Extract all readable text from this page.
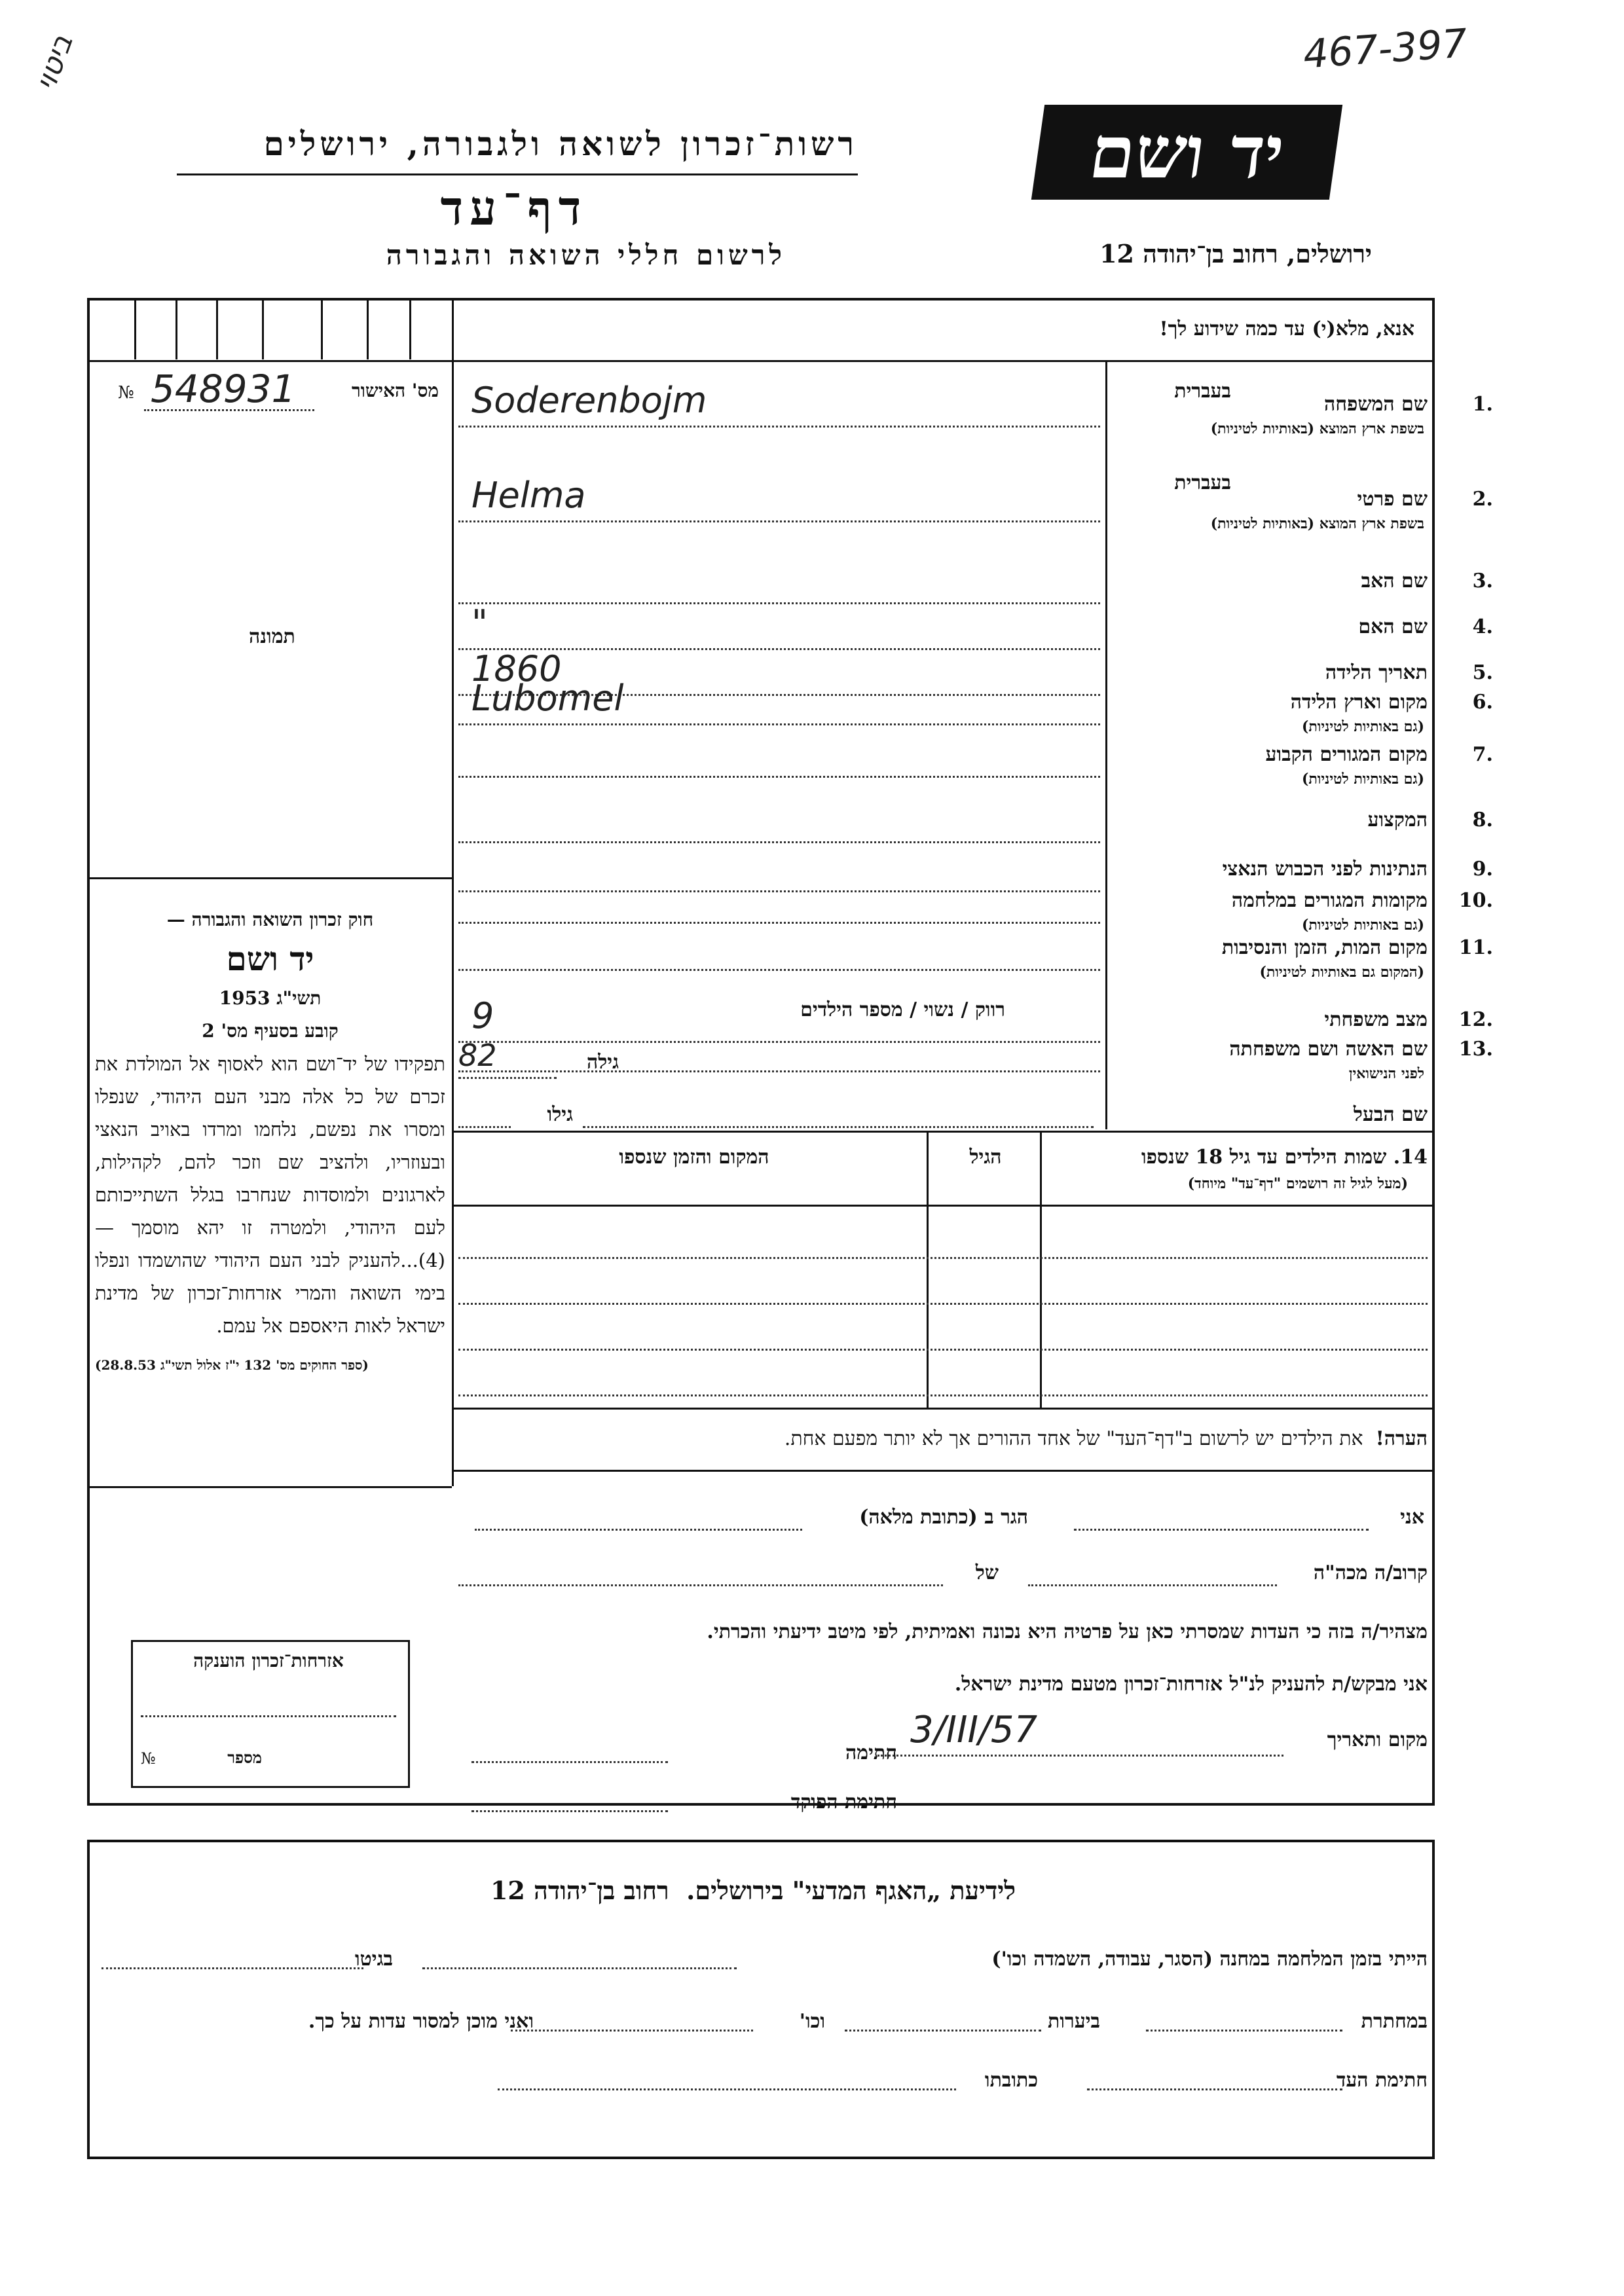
467-397
ביטוי
יד ושם
רשות־זכרון לשואה ולגבורה, ירושלים
דף־עד
לרשום חללי השואה והגבורה	ירושלים, רחוב בן־יהודה 12
אנא, מלא(י) עד כמה שידוע לך!
מס' האישור
548931
№
תמונה
בעברית
בעברית
שם המשפחה 1.
בשפת ארץ המוצא (באותיות לטיניות)
Soderenbojm
שם פרטי 2.
בשפת ארץ המוצא (באותיות לטיניות)
Helma
שם האב 3.
שם האם 4.
"
תאריך הלידה 5.
1860
מקום וארץ הלידה 6.
(גם באותיות לטיניות)
Lubomel
מקום המגורים הקבוע 7.
(גם באותיות לטיניות)
המקצוע 8.
הנתינות לפני הכבוש הנאצי 9.
מקומות המגורים במלחמה 10.
(גם באותיות לטיניות)
מקום המות, הזמן והנסיבות 11.
(המקום גם באותיות לטיניות)
מצב משפחתי 12.
9
שם האשה ושם משפחתה 13.
לפני הנישואין
רווק / נשוי / מספר הילדים
גילה
82
שם הבעל
גילו
14. שמות הילדים עד גיל 18 שנספו
(מעל לגיל זה רושמים "דף־עד" מיוחד)
הגיל
המקום והזמן שנספו
הערה!  את הילדים יש לרשום ב"דף־העד" של אחד ההורים אך לא יותר מפעם אחת.
חוק זכרון השואה והגבורה —
יד ושם
תשי"ג 1953
קובע בסעיף מס' 2
תפקידו של יד־ושם הוא לאסוף אל המולדת את זכרם של כל אלה מבני העם היהודי, שנפלו ומסרו את נפשם, נלחמו ומרדו באויב הנאצי ובעוזריו, ולהציב שם וזכר להם, לקהילות, לארגונים ולמוסדות שנחרבו בגלל השתייכותם לעם היהודי, ולמטרה זו יהא מוסמך — (4)...להעניק לבני העם היהודי שהושמדו ונפלו בימי השואה והמרי אזרחות־זכרון של מדינת ישראל לאות היאספם אל עמם.
(ספר החוקים מס' 132 י"ז אלול תשי"ג 28.8.53)
אני
הגר ב (כתובת מלאה)
קרוב/ה מכה"ה
של
מצהיר/ה בזה כי העדות שמסרתי כאן על פרטיה היא נכונה ואמיתית, לפי מיטב ידיעתי והכרתי.
אני מבקש/ת להעניק לנ"ל אזרחות־זכרון מטעם מדינת ישראל.
מקום ותאריך
3/III/57
חתימה
חתימת הפוקד
אזרחות־זכרון הוענקה
מספר
№
לידיעת „האגף המדעי" בירושלים.  רחוב בן־יהודה 12
הייתי בזמן המלחמה במחנה (הסגר, עבודה, השמדה וכו')
בגיטו
במחתרת
ביערות
וכו'
ואני מוכן למסור עדות על כך.
חתימת העד
כתובתו
